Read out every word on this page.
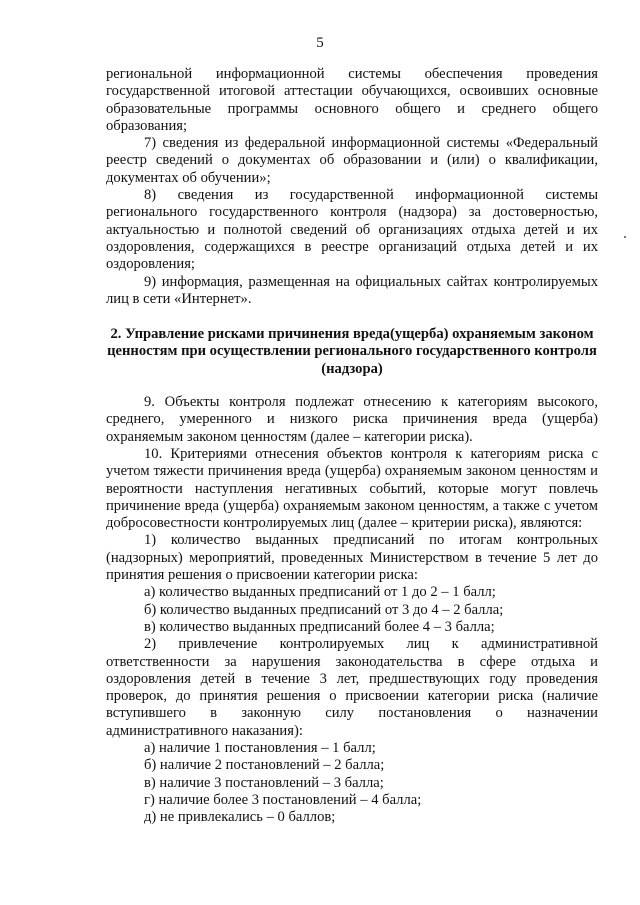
5

региональной информационной системы обеспечения проведения государственной итоговой аттестации обучающихся, освоивших основные образовательные программы основного общего и среднего общего образования;

7) сведения из федеральной информационной системы «Федеральный реестр сведений о документах об образовании и (или) о квалификации, документах об обучении»;

8) сведения из государственной информационной системы регионального государственного контроля (надзора) за достоверностью, актуальностью и полнотой сведений об организациях отдыха детей и их оздоровления, содержащихся в реестре организаций отдыха детей и их оздоровления;

9) информация, размещенная на официальных сайтах контролируемых лиц в сети «Интернет».

2. Управление рисками причинения вреда(ущерба) охраняемым законом ценностям при осуществлении регионального государственного контроля (надзора)

9. Объекты контроля подлежат отнесению к категориям высокого, среднего, умеренного и низкого риска причинения вреда (ущерба) охраняемым законом ценностям (далее – категории риска).

10. Критериями отнесения объектов контроля к категориям риска с учетом тяжести причинения вреда (ущерба) охраняемым законом ценностям и вероятности наступления негативных событий, которые могут повлечь причинение вреда (ущерба) охраняемым законом ценностям, а также с учетом добросовестности контролируемых лиц (далее – критерии риска), являются:

1) количество выданных предписаний по итогам контрольных (надзорных) мероприятий, проведенных Министерством в течение 5 лет до принятия решения о присвоении категории риска:

а) количество выданных предписаний от 1 до 2 – 1 балл;

б) количество выданных предписаний от 3 до 4 – 2 балла;

в) количество выданных предписаний более 4 – 3 балла;

2) привлечение контролируемых лиц к административной ответственности за нарушения законодательства в сфере отдыха и оздоровления детей в течение 3 лет, предшествующих году проведения проверок, до принятия решения о присвоении категории риска (наличие вступившего в законную силу постановления о назначении административного наказания):

а) наличие 1 постановления – 1 балл;

б) наличие 2 постановлений – 2 балла;

в) наличие 3 постановлений – 3 балла;

г) наличие более 3 постановлений – 4 балла;

д) не привлекались – 0 баллов;
